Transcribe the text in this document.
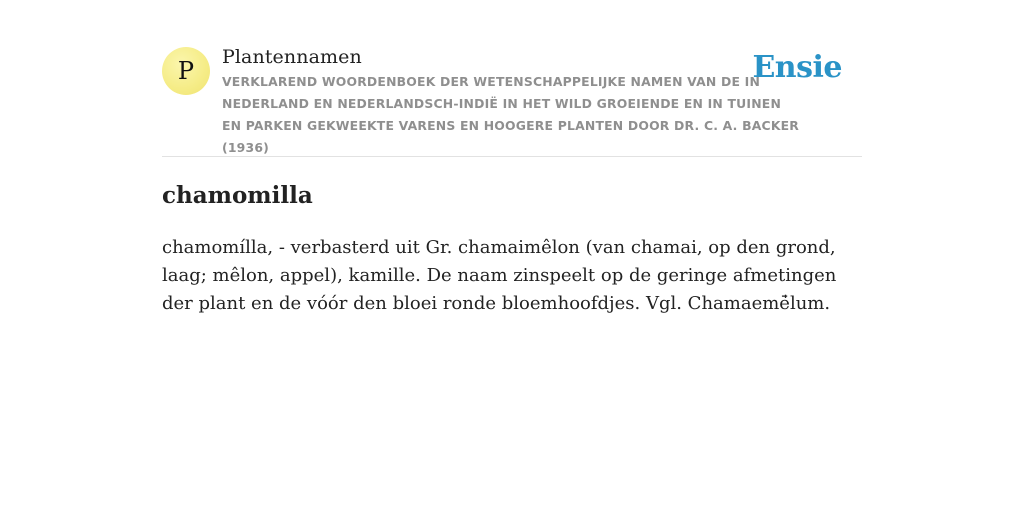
P Plantennamen
VERKLAREND WOORDENBOEK DER WETENSCHAPPELIJKE NAMEN VAN DE IN NEDERLAND EN NEDERLANDSCH-INDIË IN HET WILD GROEIENDE EN IN TUINEN EN PARKEN GEKWEEKTE VARENS EN HOOGERE PLANTEN DOOR DR. C. A. BACKER (1936)
Ensie
chamomilla

chamomílla, - verbasterd uit Gr. chamaimêlon (van chamai, op den grond, laag; mêlon, appel), kamille. De naam zinspeelt op de geringe afmetingen der plant en de vóór den bloei ronde bloemhoofdjes. Vgl. Chamaemē̍lum.
